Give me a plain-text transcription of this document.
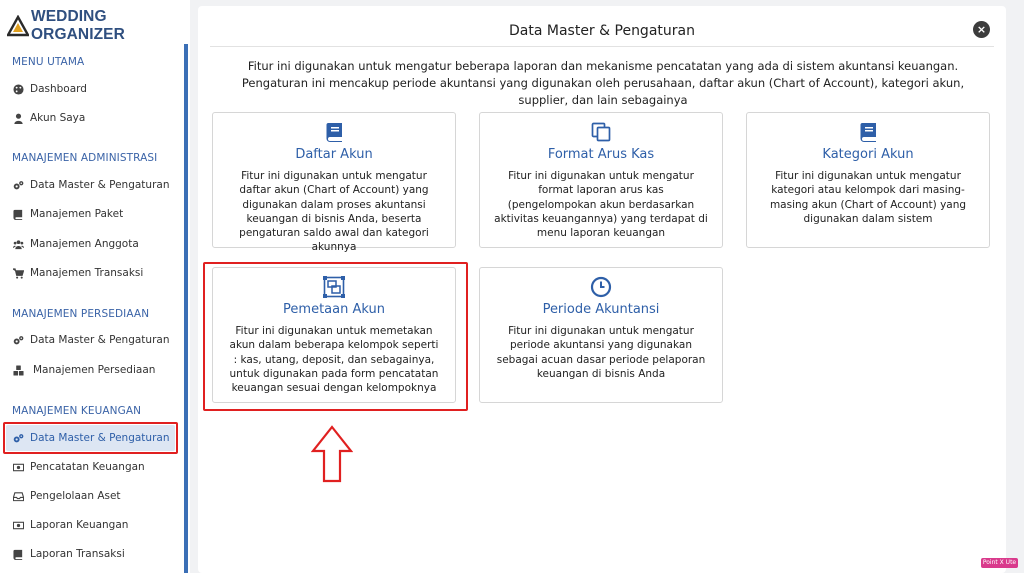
WEDDING ORGANIZER
MENU UTAMA
Dashboard
Akun Saya
MANAJEMEN ADMINISTRASI
Data Master & Pengaturan
Manajemen Paket
Manajemen Anggota
Manajemen Transaksi
MANAJEMEN PERSEDIAAN
Data Master & Pengaturan
Manajemen Persediaan
MANAJEMEN KEUANGAN
Data Master & Pengaturan
Pencatatan Keuangan
Pengelolaan Aset
Laporan Keuangan
Laporan Transaksi
Data Master & Pengaturan	×
Fitur ini digunakan untuk mengatur beberapa laporan dan mekanisme pencatatan yang ada di sistem akuntansi keuangan. Pengaturan ini mencakup periode akuntansi yang digunakan oleh perusahaan, daftar akun (Chart of Account), kategori akun, supplier, dan lain sebagainya
Daftar Akun
Fitur ini digunakan untuk mengatur daftar akun (Chart of Account) yang digunakan dalam proses akuntansi keuangan di bisnis Anda, beserta pengaturan saldo awal dan kategori akunnya
Format Arus Kas
Fitur ini digunakan untuk mengatur format laporan arus kas (pengelompokan akun berdasarkan aktivitas keuangannya) yang terdapat di menu laporan keuangan
Kategori Akun
Fitur ini digunakan untuk mengatur kategori atau kelompok dari masing-masing akun (Chart of Account) yang digunakan dalam sistem
Pemetaan Akun
Fitur ini digunakan untuk memetakan akun dalam beberapa kelompok seperti : kas, utang, deposit, dan sebagainya, untuk digunakan pada form pencatatan keuangan sesuai dengan kelompoknya
Periode Akuntansi
Fitur ini digunakan untuk mengatur periode akuntansi yang digunakan sebagai acuan dasar periode pelaporan keuangan di bisnis Anda
Point X Ute
